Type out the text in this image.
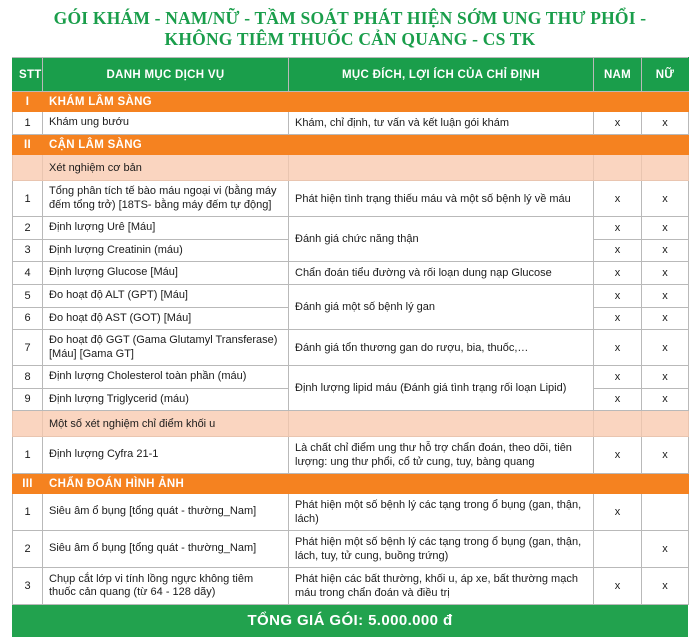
GÓI KHÁM - NAM/NỮ - TẦM SOÁT PHÁT HIỆN SỚM UNG THƯ PHỔI -
KHÔNG TIÊM THUỐC CẢN QUANG - CS TK
STT	DANH MỤC DỊCH VỤ	MỤC ĐÍCH, LỢI ÍCH CỦA CHỈ ĐỊNH	NAM	NỮ
I	KHÁM LÂM SÀNG			
1	Khám ung bướu	Khám, chỉ định, tư vấn và kết luận gói khám	x	x
II	CẬN LÂM SÀNG			
	Xét nghiệm cơ bản			
1	Tổng phân tích tế bào máu ngoại vi (bằng máy đếm tổng trở) [18TS- bằng máy đếm tự động]	Phát hiện tình trạng thiếu máu và một số bệnh lý về máu	x	x
2	Định lượng Urê [Máu]	Đánh giá chức năng thận	x	x
3	Định lượng Creatinin (máu)		x	x
4	Định lượng Glucose [Máu]	Chẩn đoán tiểu đường và rối loạn dung nạp Glucose	x	x
5	Đo hoạt độ ALT (GPT) [Máu]	Đánh giá một số bệnh lý gan	x	x
6	Đo hoạt độ AST (GOT) [Máu]		x	x
7	Đo hoạt độ GGT (Gama Glutamyl Transferase) [Máu] [Gama GT]	Đánh giá tổn thương gan do rượu, bia, thuốc,…	x	x
8	Định lượng Cholesterol toàn phần (máu)	Định lượng lipid máu (Đánh giá tình trạng rối loạn Lipid)	x	x
9	Định lượng Triglycerid (máu)		x	x
	Một số xét nghiệm chỉ điểm khối u			
1	Định lượng Cyfra 21-1	Là chất chỉ điểm ung thư hỗ trợ chẩn đoán, theo dõi, tiên lượng: ung thư phổi, cổ tử cung, tuy, bàng quang	x	x
III	CHẨN ĐOÁN HÌNH ẢNH			
1	Siêu âm ổ bụng [tổng quát - thường_Nam]	Phát hiện một số bệnh lý các tạng trong ổ bụng (gan, thận, lách)	x	
2	Siêu âm ổ bụng [tổng quát - thường_Nam]	Phát hiện một số bệnh lý các tạng trong ổ bụng (gan, thận, lách, tuy, tử cung, buồng trứng)		x
3	Chụp cắt lớp vi tính lồng ngực không tiêm thuốc cản quang (từ 64 - 128 dãy)	Phát hiện các bất thường, khối u, áp xe, bất thường mạch máu trong chẩn đoán và điều trị	x	x
TỔNG GIÁ GÓI: 5.000.000 đ
